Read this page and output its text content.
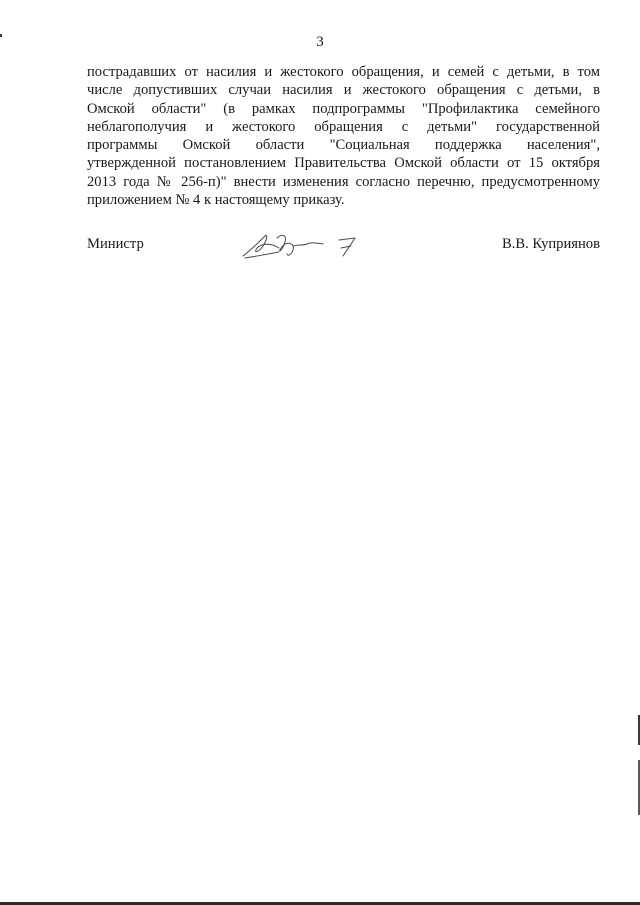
3
пострадавших от насилия и жестокого обращения, и семей с детьми, в том
числе допустивших случаи насилия и жестокого обращения с детьми, в
Омской области" (в рамках подпрограммы "Профилактика семейного
неблагополучия и жестокого обращения с детьми" государственной
программы Омской области "Социальная поддержка населения",
утвержденной постановлением Правительства Омской области от 15 октября
2013 года № 256-п)" внести изменения согласно перечню, предусмотренному
приложением № 4 к настоящему приказу.
Министр	В.В. Куприянов
